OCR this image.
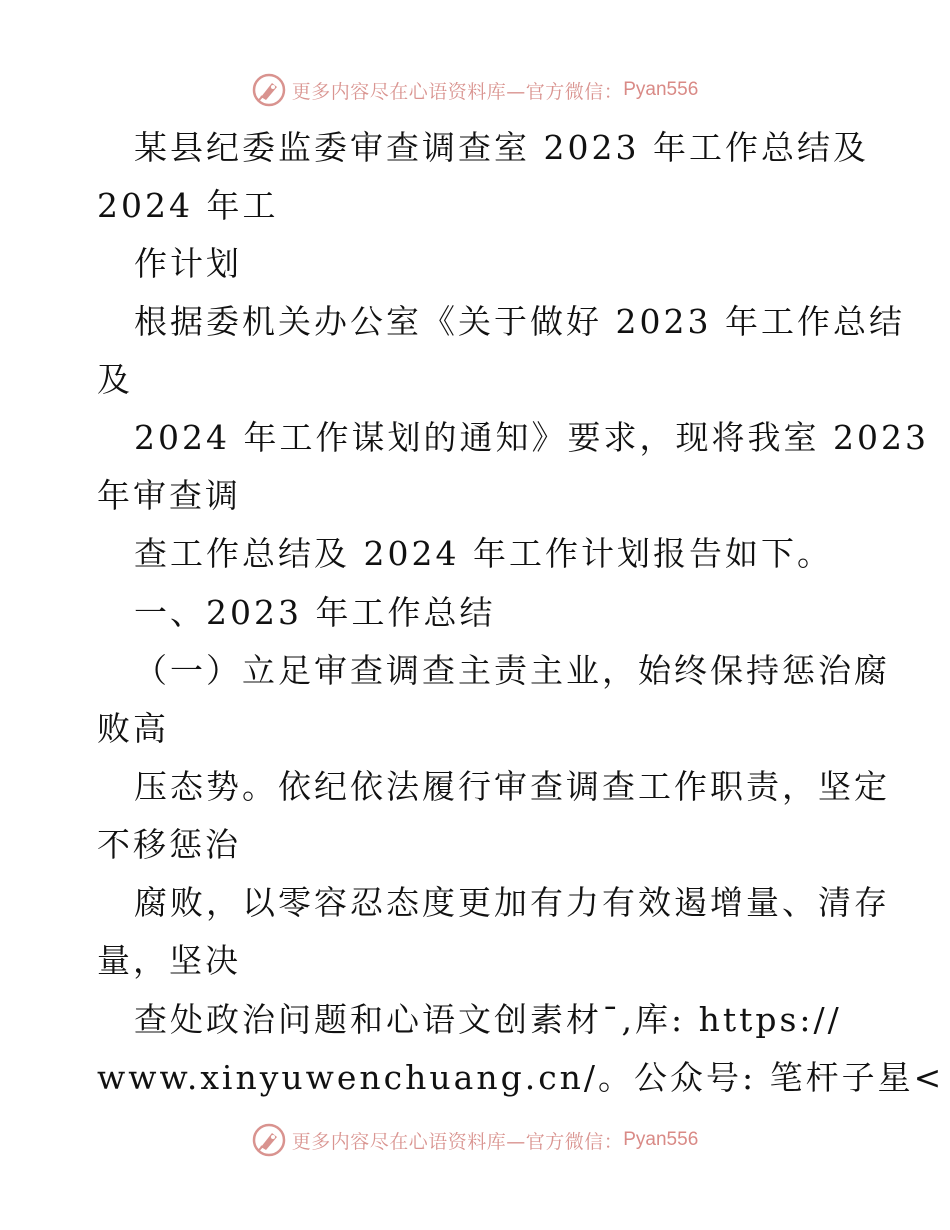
更多内容尽在心语资料库—官方微信： Pyan556
某县纪委监委审查调查室 2023 年工作总结及
2024 年工
作计划
根据委机关办公室《关于做好 2023 年工作总结
及
2024 年工作谋划的通知》要求，现将我室 2023
年审查调
查工作总结及 2024 年工作计划报告如下。
一、2023 年工作总结
（一）立足审查调查主责主业，始终保持惩治腐
败高
压态势。依纪依法履行审查调查工作职责，坚定
不移惩治
腐败，以零容忍态度更加有力有效遏增量、清存
量，坚决
查处政治问题和心语文创素材¯,库: https://
www.xinyuwenchuang.cn/。公众号: 笔杆子星<
更多内容尽在心语资料库—官方微信： Pyan556
